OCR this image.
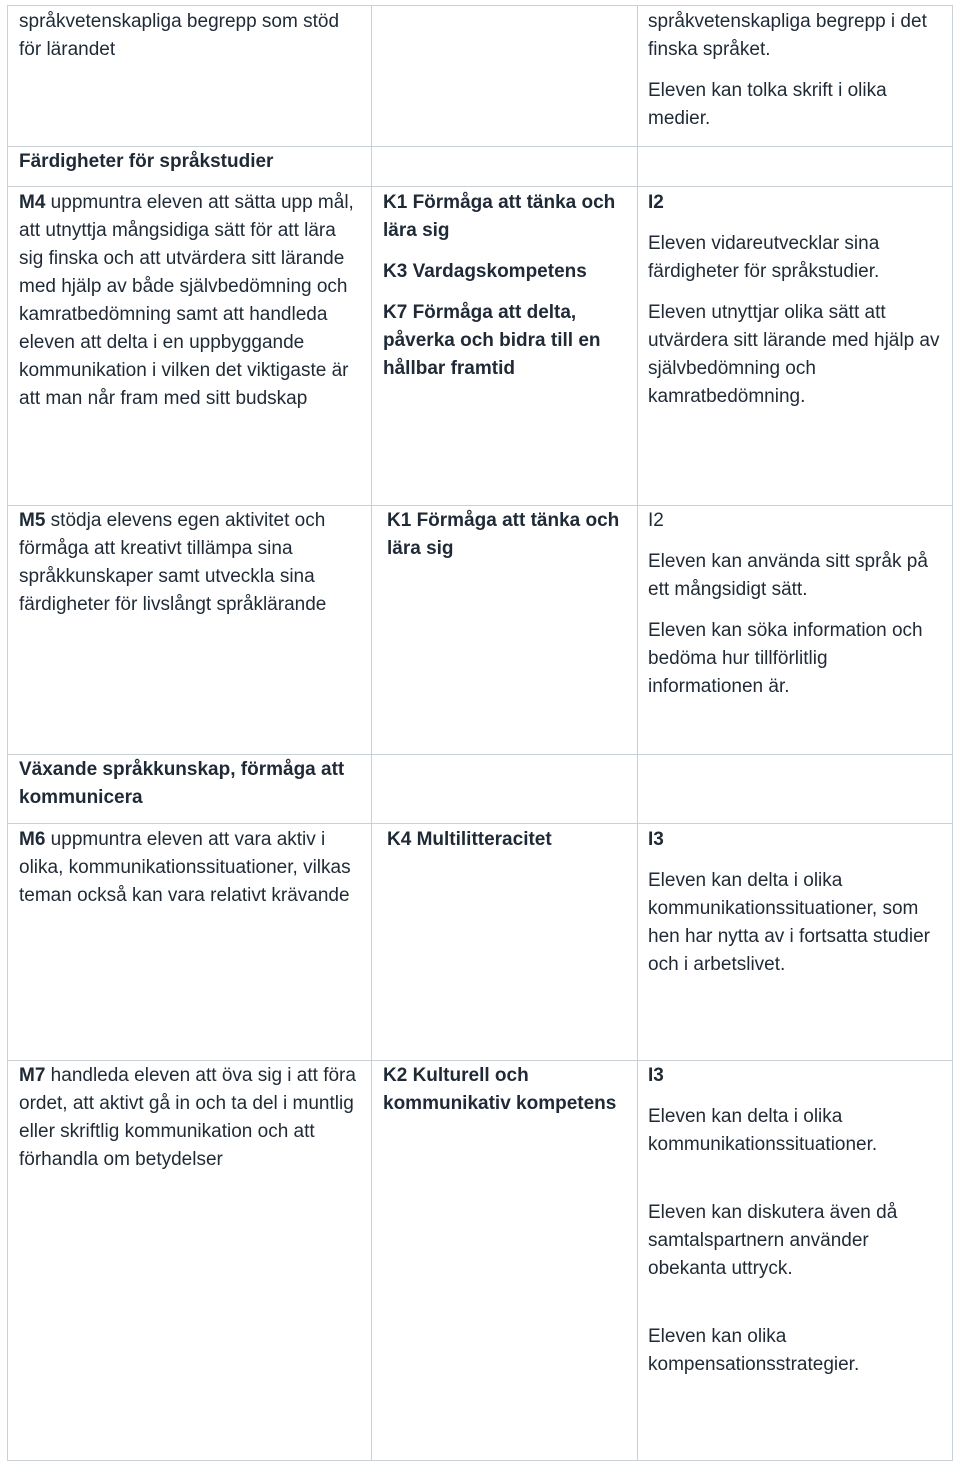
språkvetenskapliga begrepp som stöd för lärandet

språkvetenskapliga begrepp i det finska språket.

Eleven kan tolka skrift i olika medier.

Färdigheter för språkstudier

M4 uppmuntra eleven att sätta upp mål, att utnyttja mångsidiga sätt för att lära sig finska och att utvärdera sitt lärande med hjälp av både självbedömning och kamratbedömning samt att handleda eleven att delta i en uppbyggande kommunikation i vilken det viktigaste är att man når fram med sitt budskap

K1 Förmåga att tänka och lära sig

K3 Vardagskompetens

K7 Förmåga att delta, påverka och bidra till en hållbar framtid

I2

Eleven vidareutvecklar sina färdigheter för språkstudier.

Eleven utnyttjar olika sätt att utvärdera sitt lärande med hjälp av självbedömning och kamratbedömning.

M5 stödja elevens egen aktivitet och förmåga att kreativt tillämpa sina språkkunskaper samt utveckla sina färdigheter för livslångt språklärande

K1 Förmåga att tänka och lära sig

I2

Eleven kan använda sitt språk på ett mångsidigt sätt.

Eleven kan söka information och bedöma hur tillförlitlig informationen är.

Växande språkkunskap, förmåga att kommunicera

M6 uppmuntra eleven att vara aktiv i olika, kommunikationssituationer, vilkas teman också kan vara relativt krävande

K4 Multilitteracitet	I3

Eleven kan delta i olika kommunikationssituationer, som hen har nytta av i fortsatta studier och i arbetslivet.

M7 handleda eleven att öva sig i att föra ordet, att aktivt gå in och ta del i muntlig eller skriftlig kommunikation och att förhandla om betydelser

K2 Kulturell och kommunikativ kompetens

I3

Eleven kan delta i olika kommunikationssituationer.

Eleven kan diskutera även då samtalspartnern använder obekanta uttryck.

Eleven kan olika kompensationsstrategier.
